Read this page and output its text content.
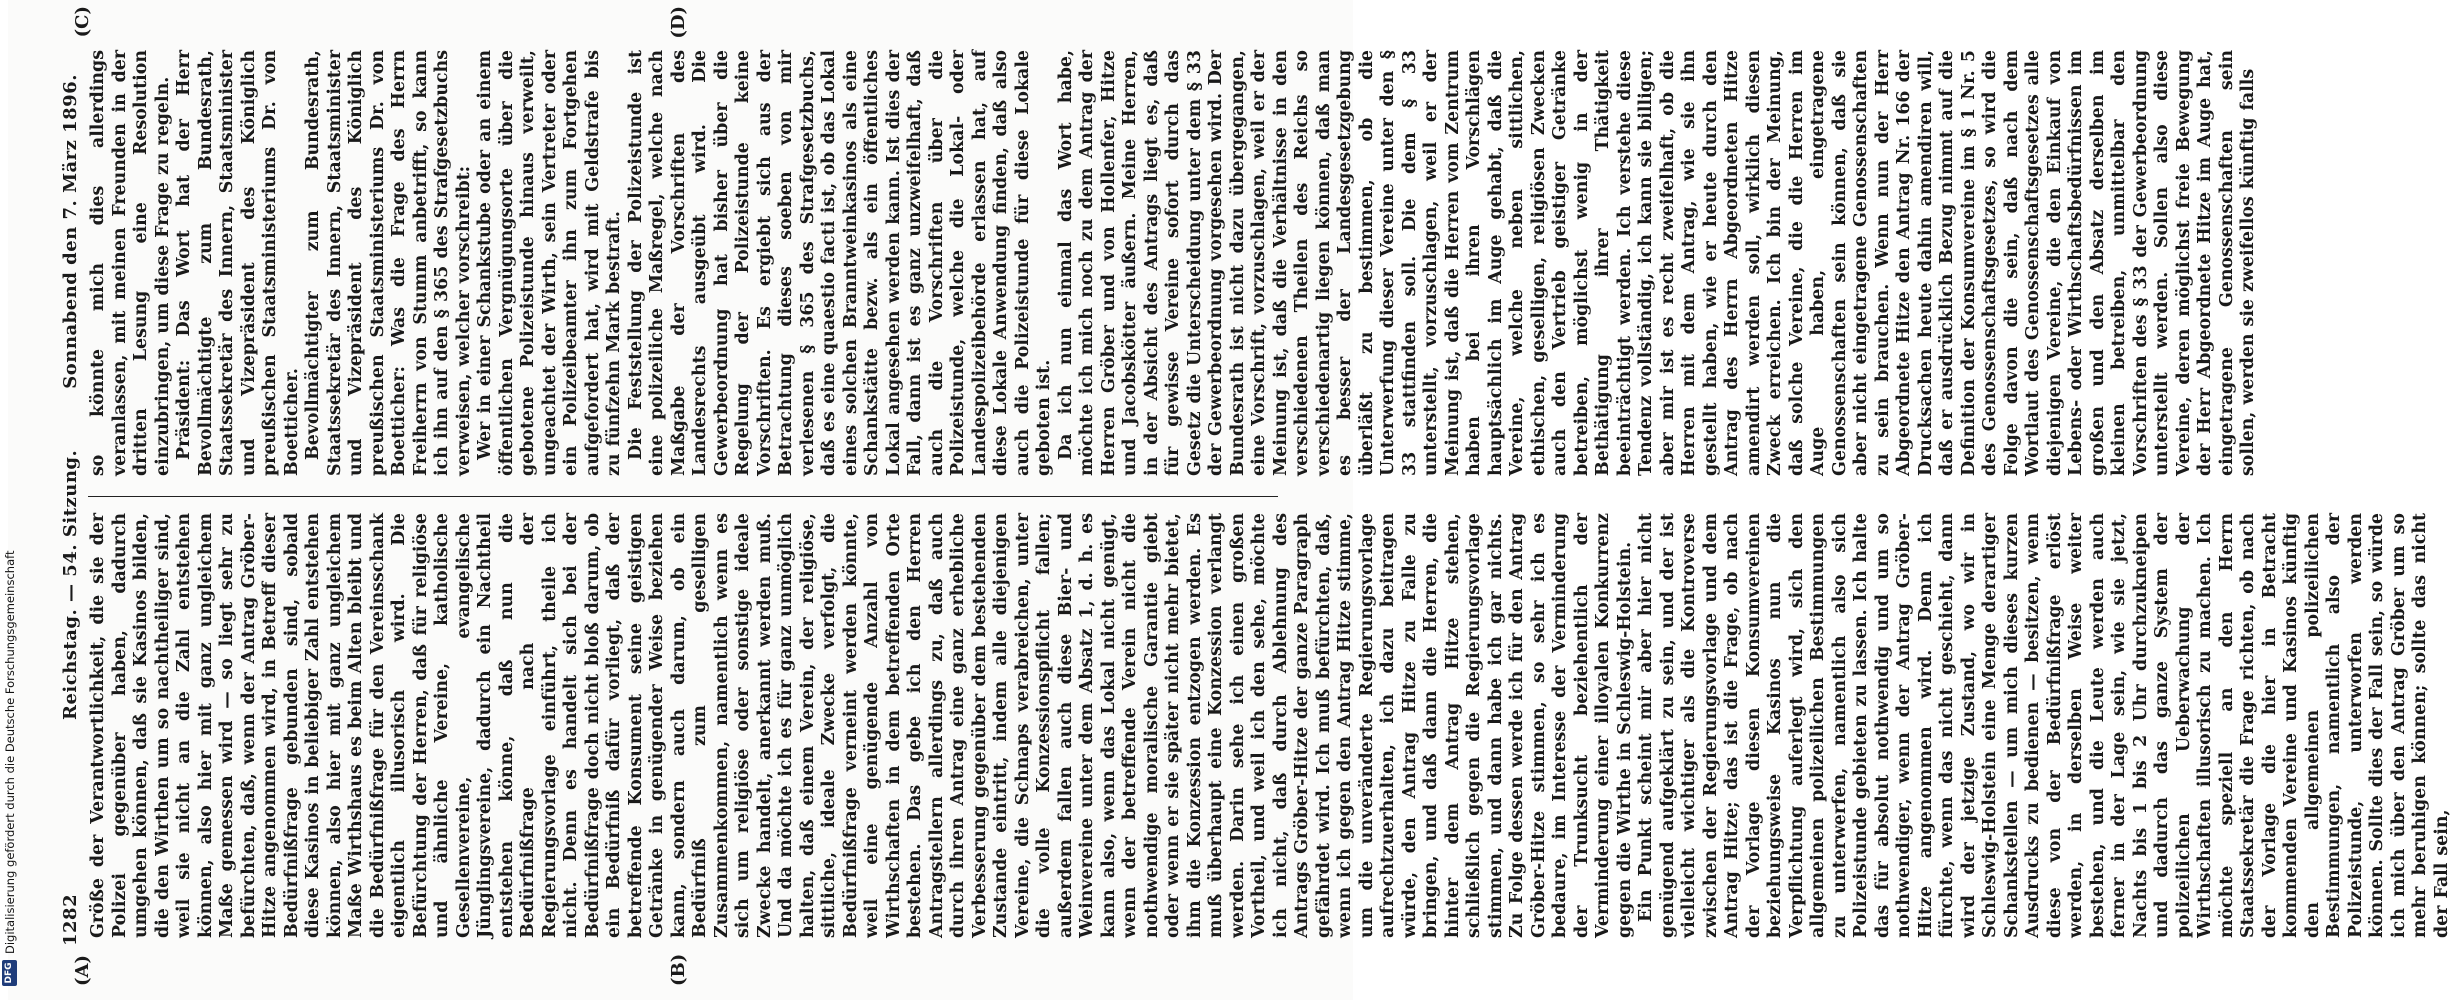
1282
Reichstag. — 54. Sitzung.
Sonnabend den 7. März 1896.

Größe der Verantwortlichkeit, die sie der Polizei gegenüber haben, dadurch umgehen können, daß sie Kasinos bilden, die den Wirthen um so nachtheiliger sind, weil sie nicht an die Zahl entstehen können, also hier mit ganz ungleichem Maße gemessen wird — so liegt sehr zu befürchten, daß, wenn der Antrag Gröber-Hitze angenommen wird, in Betreff dieser Bedürfnißfrage gebunden sind, sobald diese Kasinos in beliebiger Zahl entstehen können, also hier mit ganz ungleichem Maße Wirthshaus es beim Alten bleibt und die Bedürfnißfrage für den Vereinsschank eigentlich illusorisch wird. Die Befürchtung der Herren, daß für religiöse und ähnliche Vereine, katholische Gesellenvereine, evangelische Jünglingsvereine, dadurch ein Nachtheil entstehen könne, daß nun die Bedürfnißfrage nach der Regierungsvorlage einführt, theile ich nicht. Denn es handelt sich bei der Bedürfnißfrage doch nicht bloß darum, ob ein Bedürfniß dafür vorliegt, daß der betreffende Konsument seine geistigen Getränke in genügender Weise beziehen kann, sondern auch darum, ob ein Bedürfniß zum geselligen Zusammenkommen, namentlich wenn es sich um religiöse oder sonstige ideale Zwecke handelt, anerkannt werden muß. Und da möchte ich es für ganz unmöglich halten, daß einem Verein, der religiöse, sittliche, ideale Zwecke verfolgt, die Bedürfnißfrage verneint werden könnte, weil eine genügende Anzahl von Wirthschaften in dem betreffenden Orte bestehen. Das gebe ich den Herren Antragstellern allerdings zu, daß auch durch ihren Antrag eine ganz erhebliche Verbesserung gegenüber dem bestehenden Zustande eintritt, indem alle diejenigen Vereine, die Schnaps verabreichen, unter die volle Konzessionspflicht fallen; außerdem fallen auch diese Bier- und Weinvereine unter dem Absatz 1, d. h. es kann also, wenn das Lokal nicht genügt, wenn der betreffende Verein nicht die nothwendige moralische Garantie giebt oder wenn er sie später nicht mehr bietet, ihm die Konzession entzogen werden. Es muß überhaupt eine Konzession verlangt werden. Darin sehe ich einen großen Vortheil, und weil ich den sehe, möchte ich nicht, daß durch Ablehnung des Antrags Gröber-Hitze der ganze Paragraph gefährdet wird. Ich muß befürchten, daß, wenn ich gegen den Antrag Hitze stimme, um die unveränderte Regierungsvorlage aufrechtzuerhalten, ich dazu beitragen würde, den Antrag Hitze zu Falle zu bringen, und daß dann die Herren, die hinter dem Antrag Hitze stehen, schließlich gegen die Regierungsvorlage stimmen, und dann habe ich gar nichts. Zu Folge dessen werde ich für den Antrag Gröber-Hitze stimmen, so sehr ich es bedaure, im Interesse der Verminderung der Trunksucht beziehentlich der Verminderung einer illoyalen Konkurrenz gegen die Wirthe in Schleswig-Holstein. Ein Punkt scheint mir aber hier nicht genügend aufgeklärt zu sein, und der ist vielleicht wichtiger als die Kontroverse zwischen der Regierungsvorlage und dem Antrag Hitze; das ist die Frage, ob nach der Vorlage diesen Konsumvereinen beziehungsweise Kasinos nun die Verpflichtung auferlegt wird, sich den allgemeinen polizeilichen Bestimmungen zu unterwerfen, namentlich also sich Polizeistunde gebieten zu lassen. Ich halte das für absolut nothwendig und um so nothwendiger, wenn der Antrag Gröber-Hitze angenommen wird. Denn ich fürchte, wenn das nicht geschieht, dann wird der jetzige Zustand, wo wir in Schleswig-Holstein eine Menge derartiger Schankstellen — um mich dieses kurzen Ausdrucks zu bedienen — besitzen, wenn diese von der Bedürfnißfrage erlöst werden, in derselben Weise weiter bestehen, und die Leute werden auch ferner in der Lage sein, wie sie jetzt, Nachts bis 1 bis 2 Uhr durchzukneipen und dadurch das ganze System der polizeilichen Ueberwachung der Wirthschaften illusorisch zu machen. Ich möchte speziell an den Herrn Staatssekretär die Frage richten, ob nach der Vorlage die hier in Betracht kommenden Vereine und Kasinos künftig den allgemeinen polizeilichen Bestimmungen, namentlich also der Polizeistunde, unterworfen werden können. Sollte dies der Fall sein, so würde ich mich über den Antrag Gröber um so mehr beruhigen können; sollte das nicht der Fall sein,

so könnte mich dies allerdings veranlassen, mit meinen Freunden in der dritten Lesung eine Resolution einzubringen, um diese Frage zu regeln. Präsident: Das Wort hat der Herr Bevollmächtigte zum Bundesrath, Staatssekretär des Innern, Staatsminister und Vizepräsident des Königlich preußischen Staatsministeriums Dr. von Boetticher. Bevollmächtigter zum Bundesrath, Staatssekretär des Innern, Staatsminister und Vizepräsident des Königlich preußischen Staatsministeriums Dr. von Boetticher: Was die Frage des Herrn Freiherrn von Stumm anbetrifft, so kann ich ihn auf den § 365 des Strafgesetzbuchs verweisen, welcher vorschreibt: Wer in einer Schankstube oder an einem öffentlichen Vergnügungsorte über die gebotene Polizeistunde hinaus verweilt, ungeachtet der Wirth, sein Vertreter oder ein Polizeibeamter ihn zum Fortgehen aufgefordert hat, wird mit Geldstrafe bis zu fünfzehn Mark bestraft. Die Feststellung der Polizeistunde ist eine polizeiliche Maßregel, welche nach Maßgabe der Vorschriften des Landesrechts ausgeübt wird. Die Gewerbeordnung hat bisher über die Regelung der Polizeistunde keine Vorschriften. Es ergiebt sich aus der Betrachtung dieses soeben von mir verlesenen § 365 des Strafgesetzbuchs, daß es eine quaestio facti ist, ob das Lokal eines solchen Branntweinkasinos als eine Schankstätte bezw. als ein öffentliches Lokal angesehen werden kann. Ist dies der Fall, dann ist es ganz unzweifelhaft, daß auch die Vorschriften über die Polizeistunde, welche die Lokal- oder Landespolizeibehörde erlassen hat, auf diese Lokale Anwendung finden, daß also auch die Polizeistunde für diese Lokale geboten ist. Da ich nun einmal das Wort habe, möchte ich mich noch zu dem Antrag der Herren Gröber und von Hollenfer, Hitze und Jacobskötter äußern. Meine Herren, in der Absicht des Antrags liegt es, daß für gewisse Vereine sofort durch das Gesetz die Unterscheidung unter dem § 33 der Gewerbeordnung vorgesehen wird. Der Bundesrath ist nicht dazu übergegangen, eine Vorschrift, vorzuschlagen, weil er der Meinung ist, daß die Verhältnisse in den verschiedenen Theilen des Reichs so verschiedenartig liegen können, daß man es besser der Landesgesetzgebung überläßt zu bestimmen, ob die Unterwerfung dieser Vereine unter den § 33 stattfinden soll. Die dem § 33 unterstellt, vorzuschlagen, weil er der Meinung ist, daß die Herren vom Zentrum haben bei ihren Vorschlägen hauptsächlich im Auge gehabt, daß die Vereine, welche neben sittlichen, ethischen, geselligen, religiösen Zwecken auch den Vertrieb geistiger Getränke betreiben, möglichst wenig in der Bethätigung ihrer Thätigkeit beeinträchtigt werden. Ich verstehe diese Tendenz vollständig, ich kann sie billigen; aber mir ist es recht zweifelhaft, ob die Herren mit dem Antrag, wie sie ihn gestellt haben, wie er heute durch den Antrag des Herrn Abgeordneten Hitze amendirt werden soll, wirklich diesen Zweck erreichen. Ich bin der Meinung, daß solche Vereine, die die Herren im Auge haben, eingetragene Genossenschaften sein können, daß sie aber nicht eingetragene Genossenschaften zu sein brauchen. Wenn nun der Herr Abgeordnete Hitze den Antrag Nr. 166 der Drucksachen heute dahin amendiren will, daß er ausdrücklich Bezug nimmt auf die Definition der Konsumvereine im § 1 Nr. 5 des Genossenschaftsgesetzes, so wird die Folge davon die sein, daß nach dem Wortlaut des Genossenschaftsgesetzes alle diejenigen Vereine, die den Einkauf von Lebens- oder Wirthschaftsbedürfnissen im großen und den Absatz derselben im kleinen betreiben, unmittelbar den Vorschriften des § 33 der Gewerbeordnung unterstellt werden. Sollen also diese Vereine, deren möglichst freie Bewegung der Herr Abgeordnete Hitze im Auge hat, eingetragene Genossenschaften sein sollen, werden sie zweifellos künftig falls

(A)	(B)
(C)	(D)
DFG
Digitalisierung gefördert durch die Deutsche Forschungsgemeinschaft
